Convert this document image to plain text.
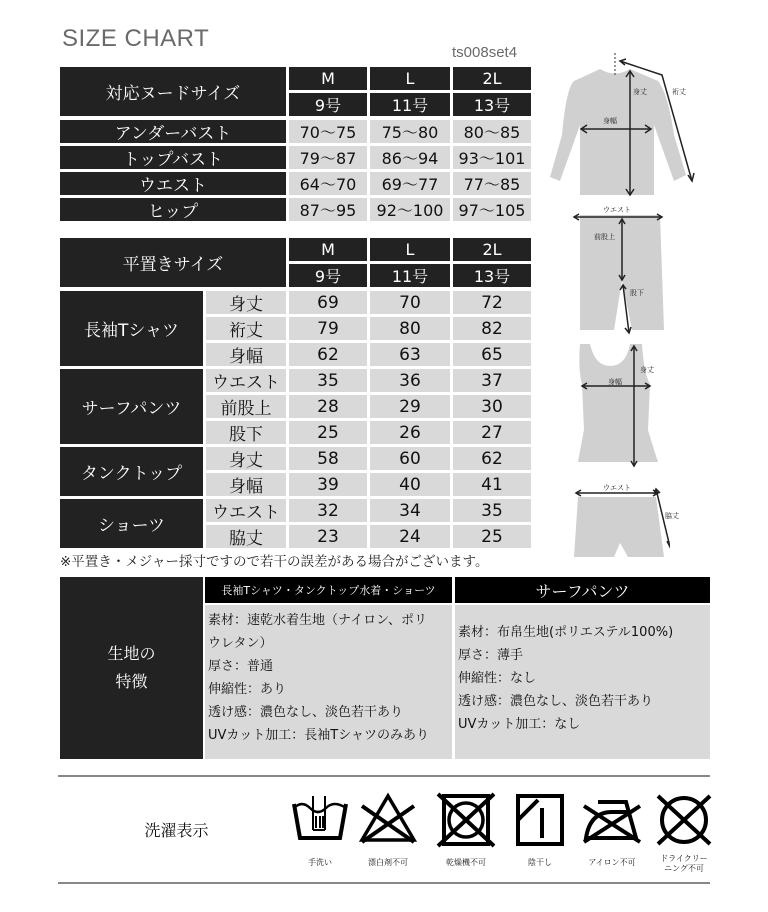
SIZE CHART
ts008set4
対応ヌードサイズ
M	L	2L
9号	11号	13号
アンダーバスト	70〜75	75〜80	80〜85
トップバスト	79〜87	86〜94	93〜101
ウエスト	64〜70	69〜77	77〜85
ヒップ	87〜95	92〜100 97〜105
平置きサイズ
M	L	2L
9号	11号	13号
長袖Tシャツ
身丈	69	70	72
裄丈	79	80	82
身幅	62	63	65
サーフパンツ
ウエスト	35	36	37
前股上	28	29	30
股下	25	26	27
タンクトップ
身丈	58	60	62
身幅	39	40	41
ショーツ
ウエスト	32	34	35
脇丈	23	24	25
※平置き・メジャー採寸ですので若干の誤差がある場合がございます。
生地の
特徴
長袖Tシャツ・タンクトップ水着・ショーツ	サーフパンツ
素材：速乾水着生地（ナイロン、ポリ
ウレタン）
厚さ：普通
伸縮性：あり
透け感：濃色なし、淡色若干あり
UVカット加工：長袖Tシャツのみあり
素材：布帛生地(ポリエステル100%)
厚さ：薄手
伸縮性：なし
透け感：濃色なし、淡色若干あり
UVカット加工：なし
洗濯表示
手洗い	漂白剤不可	乾燥機不可	陰干し	アイロン不可	ドライクリー
ニング不可
身丈	裄丈
身幅
ウエスト
前股上
股下
身丈
身幅
ウエスト
脇丈
